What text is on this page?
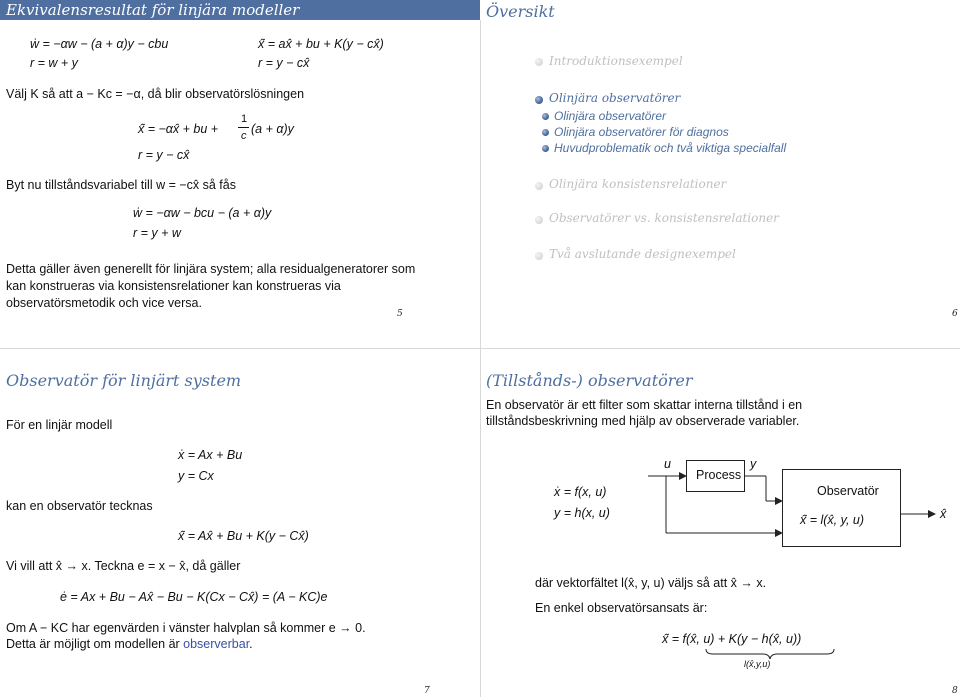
Ekvivalensresultat för linjära modeller
ẇ = −αw − (a + α)y − cbu
r = w + y
x̂̇ = ax̂ + bu + K(y − cx̂)
r = y − cx̂
Välj K så att a − Kc = −α, då blir observatörslösningen
x̂̇ = −αx̂ + bu +
1
c (a + α)y
r = y − cx̂
Byt nu tillståndsvariabel till w = −cx̂ så fås
ẇ = −αw − bcu − (a + α)y
r = y + w
Detta gäller även generellt för linjära system; alla residualgeneratorer som
kan konstrueras via konsistensrelationer kan konstrueras via
observatörsmetodik och vice versa.
5
Översikt
Introduktionsexempel
Olinjära observatörer
Olinjära observatörer
Olinjära observatörer för diagnos
Huvudproblematik och två viktiga specialfall
Olinjära konsistensrelationer
Observatörer vs. konsistensrelationer
Två avslutande designexempel
6
Observatör för linjärt system
För en linjär modell
ẋ = Ax + Bu
y = Cx
kan en observatör tecknas
x̂̇ = Ax̂ + Bu + K(y − Cx̂)
Vi vill att x̂ → x. Teckna e = x − x̂, då gäller
ė = Ax + Bu − Ax̂ − Bu − K(Cx − Cx̂) = (A − KC)e
Om A − KC har egenvärden i vänster halvplan så kommer e → 0.
Detta är möjligt om modellen är observerbar.
7
(Tillstånds-) observatörer
En observatör är ett filter som skattar interna tillstånd i en
tillståndsbeskrivning med hjälp av observerade variabler.
ẋ = f(x, u)
y = h(x, u)
Process
Observatör
x̂̇ = l(x̂, y, u)
u	y
x̂
där vektorfältet l(x̂, y, u) väljs så att x̂ → x.
En enkel observatörsansats är:
x̂̇ = f(x̂, u) + K(y − h(x̂, u))
l(x̂,y,u)
8
